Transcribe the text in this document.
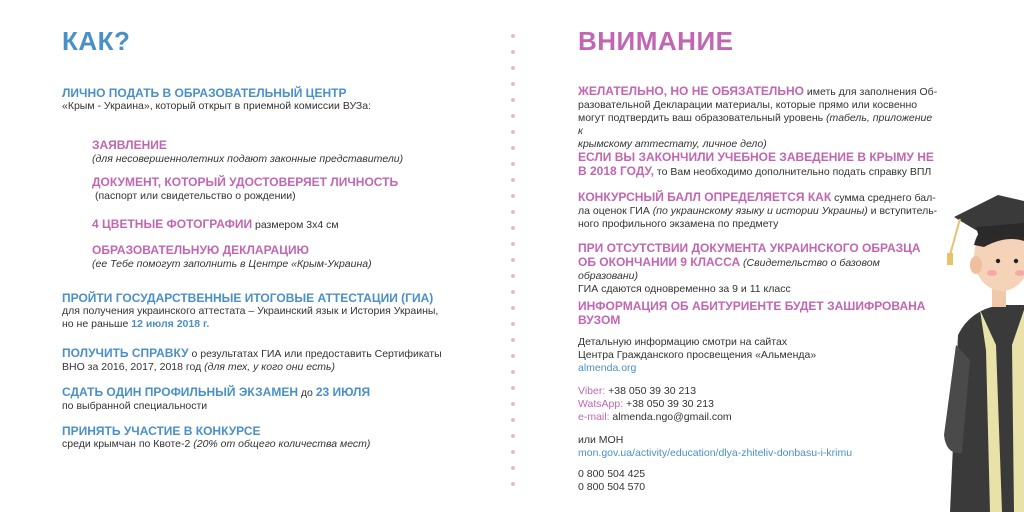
КАК?
ЛИЧНО ПОДАТЬ В ОБРАЗОВАТЕЛЬНЫЙ ЦЕНТР
«Крым - Украина», который открыт в приемной комиссии ВУЗа:
ЗАЯВЛЕНИЕ
(для несовершеннолетних подают законные представители)
ДОКУМЕНТ, КОТОРЫЙ УДОСТОВЕРЯЕТ ЛИЧНОСТЬ
(паспорт или свидетельство о рождении)
4 ЦВЕТНЫЕ ФОТОГРАФИИ размером 3х4 см
ОБРАЗОВАТЕЛЬНУЮ ДЕКЛАРАЦИЮ
(ее Тебе помогут заполнить в Центре «Крым-Украина)
ПРОЙТИ ГОСУДАРСТВЕННЫЕ ИТОГОВЫЕ АТТЕСТАЦИИ (ГИА)
для получения украинского аттестата – Украинский язык и История Украины,
но не раньше 12 июля 2018 г.
ПОЛУЧИТЬ СПРАВКУ о результатах ГИА или предоставить Сертификаты
ВНО за 2016, 2017, 2018 год (для тех, у кого они есть)
СДАТЬ ОДИН ПРОФИЛЬНЫЙ ЭКЗАМЕН до 23 ИЮЛЯ
по выбранной специальности
ПРИНЯТЬ УЧАСТИЕ В КОНКУРСЕ
среди крымчан по Квоте-2 (20% от общего количества мест)
ВНИМАНИЕ
ЖЕЛАТЕЛЬНО, НО НЕ ОБЯЗАТЕЛЬНО иметь для заполнения Об-
разовательной Декларации материалы, которые прямо или косвенно
могут подтвердить ваш образовательный уровень (табель, приложение к
крымскому аттестату, личное дело)
ЕСЛИ ВЫ ЗАКОНЧИЛИ УЧЕБНОЕ ЗАВЕДЕНИЕ В КРЫМУ НЕ
В 2018 ГОДУ, то Вам необходимо дополнительно подать справку ВПЛ
КОНКУРСНЫЙ БАЛЛ ОПРЕДЕЛЯЕТСЯ КАК сумма среднего бал-
ла оценок ГИА (по украинскому языку и истории Украины) и вступитель-
ного профильного экзамена по предмету
ПРИ ОТСУТСТВИИ ДОКУМЕНТА УКРАИНСКОГО ОБРАЗЦА
ОБ ОКОНЧАНИИ 9 КЛАССА (Свидетельство о базовом образовани)
ГИА сдаются одновременно за 9 и 11 класс
ИНФОРМАЦИЯ ОБ АБИТУРИЕНТЕ БУДЕТ ЗАШИФРОВАНА
ВУЗОМ
Детальную информацию смотри на сайтах
Центра Гражданского просвещения «Альменда»
almenda.org
Viber: +38 050 39 30 213
WatsApp: +38 050 39 30 213
e-mail: almenda.ngo@gmail.com
или МОН
mon.gov.ua/activity/education/dlya-zhiteliv-donbasu-i-krimu
0 800 504 425
0 800 504 570
